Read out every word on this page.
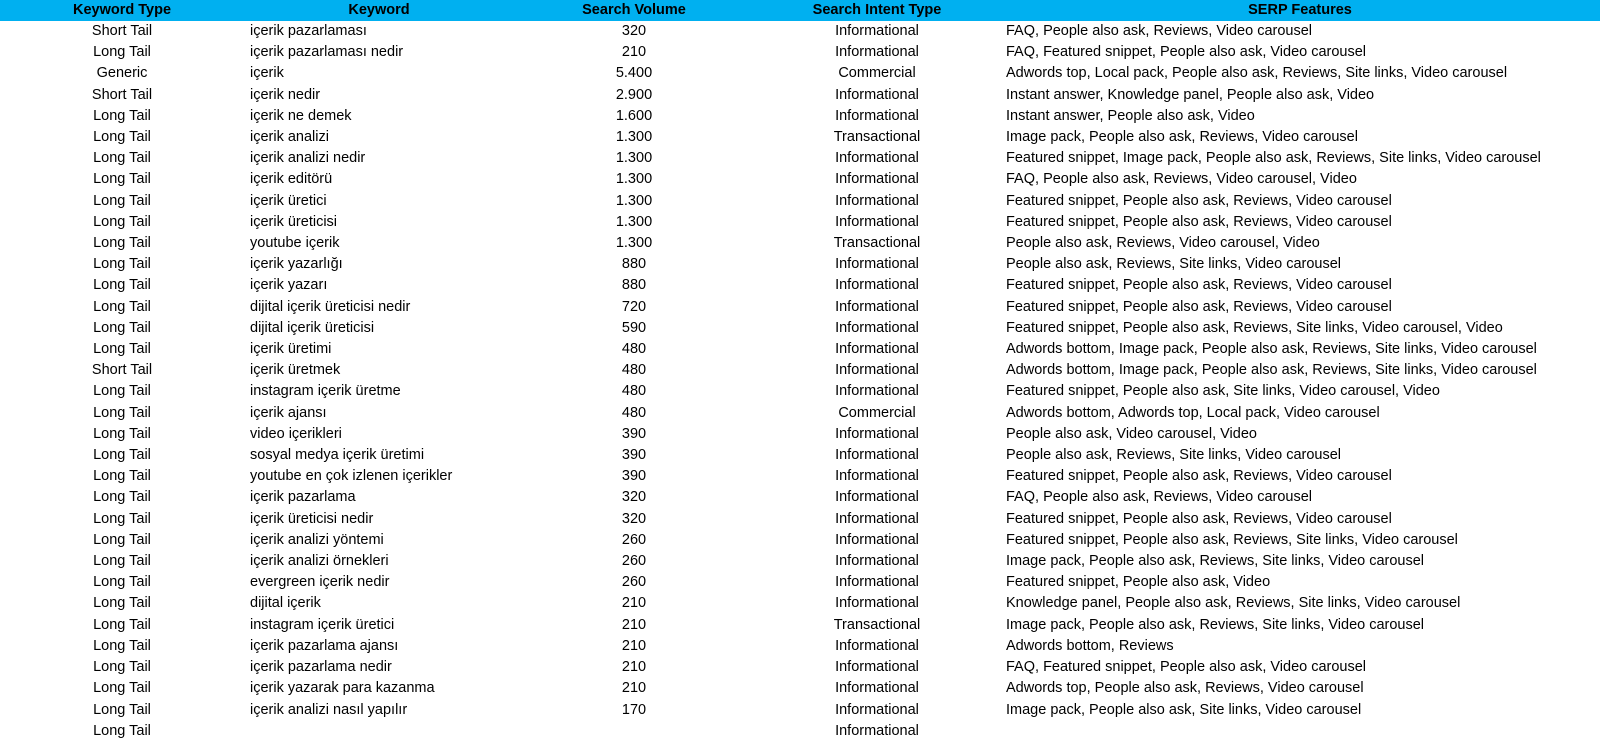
Keyword Type	Keyword	Search Volume	Search Intent Type	SERP Features
Short Tail	içerik pazarlaması	320	Informational	FAQ, People also ask, Reviews, Video carousel
Long Tail	içerik pazarlaması nedir	210	Informational	FAQ, Featured snippet, People also ask, Video carousel
Generic	içerik	5.400	Commercial	Adwords top, Local pack, People also ask, Reviews, Site links, Video carousel
Short Tail	içerik nedir	2.900	Informational	Instant answer, Knowledge panel, People also ask, Video
Long Tail	içerik ne demek	1.600	Informational	Instant answer, People also ask, Video
Long Tail	içerik analizi	1.300	Transactional	Image pack, People also ask, Reviews, Video carousel
Long Tail	içerik analizi nedir	1.300	Informational	Featured snippet, Image pack, People also ask, Reviews, Site links, Video carousel
Long Tail	içerik editörü	1.300	Informational	FAQ, People also ask, Reviews, Video carousel, Video
Long Tail	içerik üretici	1.300	Informational	Featured snippet, People also ask, Reviews, Video carousel
Long Tail	içerik üreticisi	1.300	Informational	Featured snippet, People also ask, Reviews, Video carousel
Long Tail	youtube içerik	1.300	Transactional	People also ask, Reviews, Video carousel, Video
Long Tail	içerik yazarlığı	880	Informational	People also ask, Reviews, Site links, Video carousel
Long Tail	içerik yazarı	880	Informational	Featured snippet, People also ask, Reviews, Video carousel
Long Tail	dijital içerik üreticisi nedir	720	Informational	Featured snippet, People also ask, Reviews, Video carousel
Long Tail	dijital içerik üreticisi	590	Informational	Featured snippet, People also ask, Reviews, Site links, Video carousel, Video
Long Tail	içerik üretimi	480	Informational	Adwords bottom, Image pack, People also ask, Reviews, Site links, Video carousel
Short Tail	içerik üretmek	480	Informational	Adwords bottom, Image pack, People also ask, Reviews, Site links, Video carousel
Long Tail	instagram içerik üretme	480	Informational	Featured snippet, People also ask, Site links, Video carousel, Video
Long Tail	içerik ajansı	480	Commercial	Adwords bottom, Adwords top, Local pack, Video carousel
Long Tail	video içerikleri	390	Informational	People also ask, Video carousel, Video
Long Tail	sosyal medya içerik üretimi	390	Informational	People also ask, Reviews, Site links, Video carousel
Long Tail	youtube en çok izlenen içerikler	390	Informational	Featured snippet, People also ask, Reviews, Video carousel
Long Tail	içerik pazarlama	320	Informational	FAQ, People also ask, Reviews, Video carousel
Long Tail	içerik üreticisi nedir	320	Informational	Featured snippet, People also ask, Reviews, Video carousel
Long Tail	içerik analizi yöntemi	260	Informational	Featured snippet, People also ask, Reviews, Site links, Video carousel
Long Tail	içerik analizi örnekleri	260	Informational	Image pack, People also ask, Reviews, Site links, Video carousel
Long Tail	evergreen içerik nedir	260	Informational	Featured snippet, People also ask, Video
Long Tail	dijital içerik	210	Informational	Knowledge panel, People also ask, Reviews, Site links, Video carousel
Long Tail	instagram içerik üretici	210	Transactional	Image pack, People also ask, Reviews, Site links, Video carousel
Long Tail	içerik pazarlama ajansı	210	Informational	Adwords bottom, Reviews
Long Tail	içerik pazarlama nedir	210	Informational	FAQ, Featured snippet, People also ask, Video carousel
Long Tail	içerik yazarak para kazanma	210	Informational	Adwords top, People also ask, Reviews, Video carousel
Long Tail	içerik analizi nasıl yapılır	170	Informational	Image pack, People also ask, Site links, Video carousel
Long Tail			Informational	
